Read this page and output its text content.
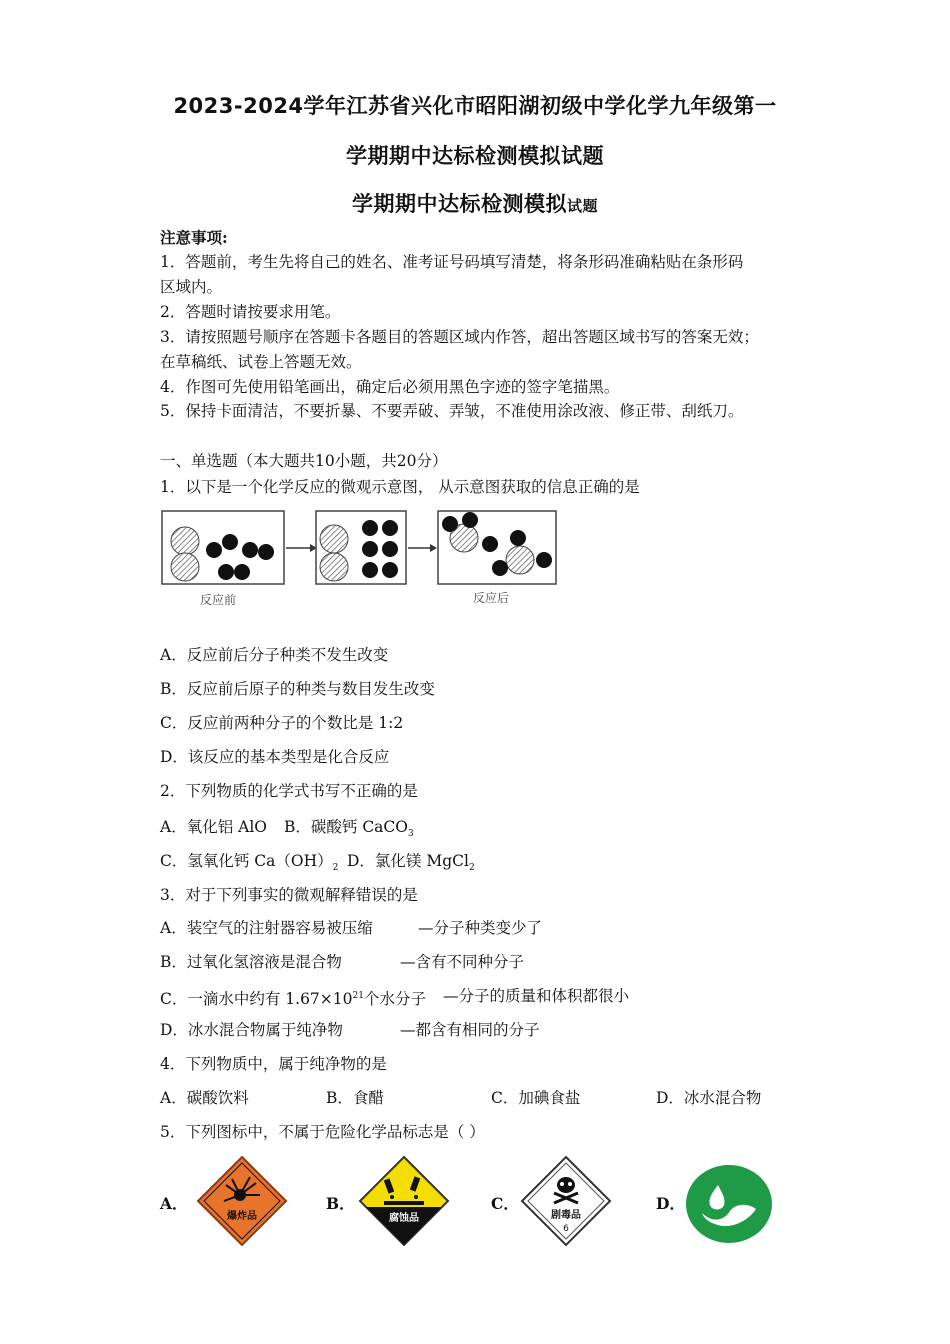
2023-2024学年江苏省兴化市昭阳湖初级中学化学九年级第一
学期期中达标检测模拟试题
学期期中达标检测模拟试题
注意事项:
1．答题前，考生先将自己的姓名、准考证号码填写清楚，将条形码准确粘贴在条形码
区域内。
2．答题时请按要求用笔。
3．请按照题号顺序在答题卡各题目的答题区域内作答，超出答题区域书写的答案无效；
在草稿纸、试卷上答题无效。
4．作图可先使用铅笔画出，确定后必须用黑色字迹的签字笔描黑。
5．保持卡面清洁，不要折暴、不要弄破、弄皱，不准使用涂改液、修正带、刮纸刀。
一、单选题（本大题共10小题，共20分）
1．以下是一个化学反应的微观示意图， 从示意图获取的信息正确的是
反应前	反应后
A．反应前后分子种类不发生改变
B．反应前后原子的种类与数目发生改变
C．反应前两种分子的个数比是 1:2
D．该反应的基本类型是化合反应
2．下列物质的化学式书写不正确的是
A．氧化铝 AlO B．碳酸钙 CaCO$_3$
C．氢氧化钙 $Ca(OH)_2$ D．氯化镁 MgCl$_2$
3．对于下列事实的微观解释错误的是
A．装空气的注射器容易被压缩	—分子种类变少了
B．过氧化氢溶液是混合物	—含有不同种分子
C．一滴水中约有 $1.67\times 10^{21}$个水分子 —分子的质量和体积都很小
D．冰水混合物属于纯净物	—都含有相同的分子
4．下列物质中，属于纯净物的是
A．碳酸饮料	B．食醋	C．加碘食盐	D．冰水混合物
5．下列图标中，不属于危险化学品标志是（ ）
A．	B．	C．	D．
爆炸品	腐蚀品	剧毒品
6
